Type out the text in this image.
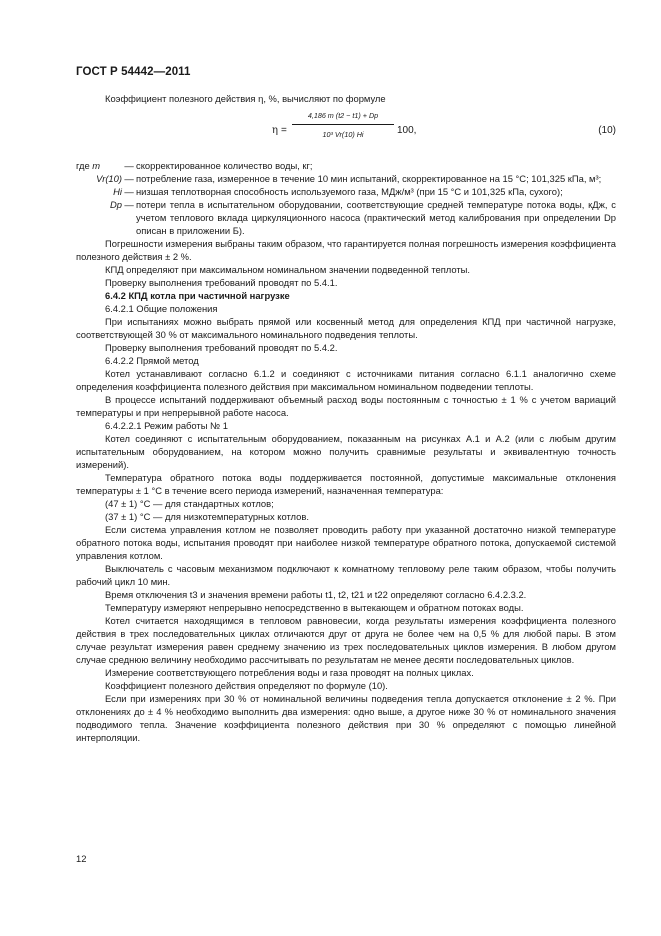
ГОСТ Р 54442—2011

Коэффициент полезного действия η, %, вычисляют по формуле

$\eta = \frac{4,186 m (t2 - t1) + Dp}{\text{10³ Vr(10) Hi}} 100$,	(10)
где m	— скорректированное количество воды, кг;
Vr(10) — потребление газа, измеренное в течение 10 мин испытаний, скорректированное на 15 °С; 101,325 кПа, м³;
Hi — низшая теплотворная способность используемого газа, МДж/м³ (при 15 °С и 101,325 кПа, сухого);
Dp — потери тепла в испытательном оборудовании, соответствующие средней температуре потока воды, кДж, с учетом теплового вклада циркуляционного насоса (практический метод калибрования при определении Dp описан в приложении Б).

Погрешности измерения выбраны таким образом, что гарантируется полная погрешность измерения коэффициента полезного действия ± 2 %.

КПД определяют при максимальном номинальном значении подведенной теплоты.

Проверку выполнения требований проводят по 5.4.1.

6.4.2 КПД котла при частичной нагрузке

6.4.2.1 Общие положения

При испытаниях можно выбрать прямой или косвенный метод для определения КПД при частичной нагрузке, соответствующей 30 % от максимального номинального подведения теплоты.

Проверку выполнения требований проводят по 5.4.2.

6.4.2.2 Прямой метод

Котел устанавливают согласно 6.1.2 и соединяют с источниками питания согласно 6.1.1 аналогично схеме определения коэффициента полезного действия при максимальном номинальном подведении теплоты.

В процессе испытаний поддерживают объемный расход воды постоянным с точностью ± 1 % с учетом вариаций температуры и при непрерывной работе насоса.

6.4.2.2.1 Режим работы № 1

Котел соединяют с испытательным оборудованием, показанным на рисунках А.1 и А.2 (или с любым другим испытательным оборудованием, на котором можно получить сравнимые результаты и эквивалентную точность измерений).

Температура обратного потока воды поддерживается постоянной, допустимые максимальные отклонения температуры ± 1 °С в течение всего периода измерений, назначенная температура:

(47 ± 1) °С — для стандартных котлов;

(37 ± 1) °С — для низкотемпературных котлов.

Если система управления котлом не позволяет проводить работу при указанной достаточно низкой температуре обратного потока воды, испытания проводят при наиболее низкой температуре обратного потока, допускаемой системой управления котлом.

Выключатель с часовым механизмом подключают к комнатному тепловому реле таким образом, чтобы получить рабочий цикл 10 мин.

Время отключения t3 и значения времени работы t1, t2, t21 и t22 определяют согласно 6.4.2.3.2.

Температуру измеряют непрерывно непосредственно в вытекающем и обратном потоках воды.

Котел считается находящимся в тепловом равновесии, когда результаты измерения коэффициента полезного действия в трех последовательных циклах отличаются друг от друга не более чем на 0,5 % для любой пары. В этом случае результат измерения равен среднему значению из трех последовательных циклов измерения. В любом другом случае среднюю величину необходимо рассчитывать по результатам не менее десяти последовательных циклов.

Измерение соответствующего потребления воды и газа проводят на полных циклах.

Коэффициент полезного действия определяют по формуле (10).

Если при измерениях при 30 % от номинальной величины подведения тепла допускается отклонение ± 2 %. При отклонениях до ± 4 % необходимо выполнить два измерения: одно выше, а другое ниже 30 % от номинального значения подводимого тепла. Значение коэффициента полезного действия при 30 % определяют с помощью линейной интерполяции.

12
